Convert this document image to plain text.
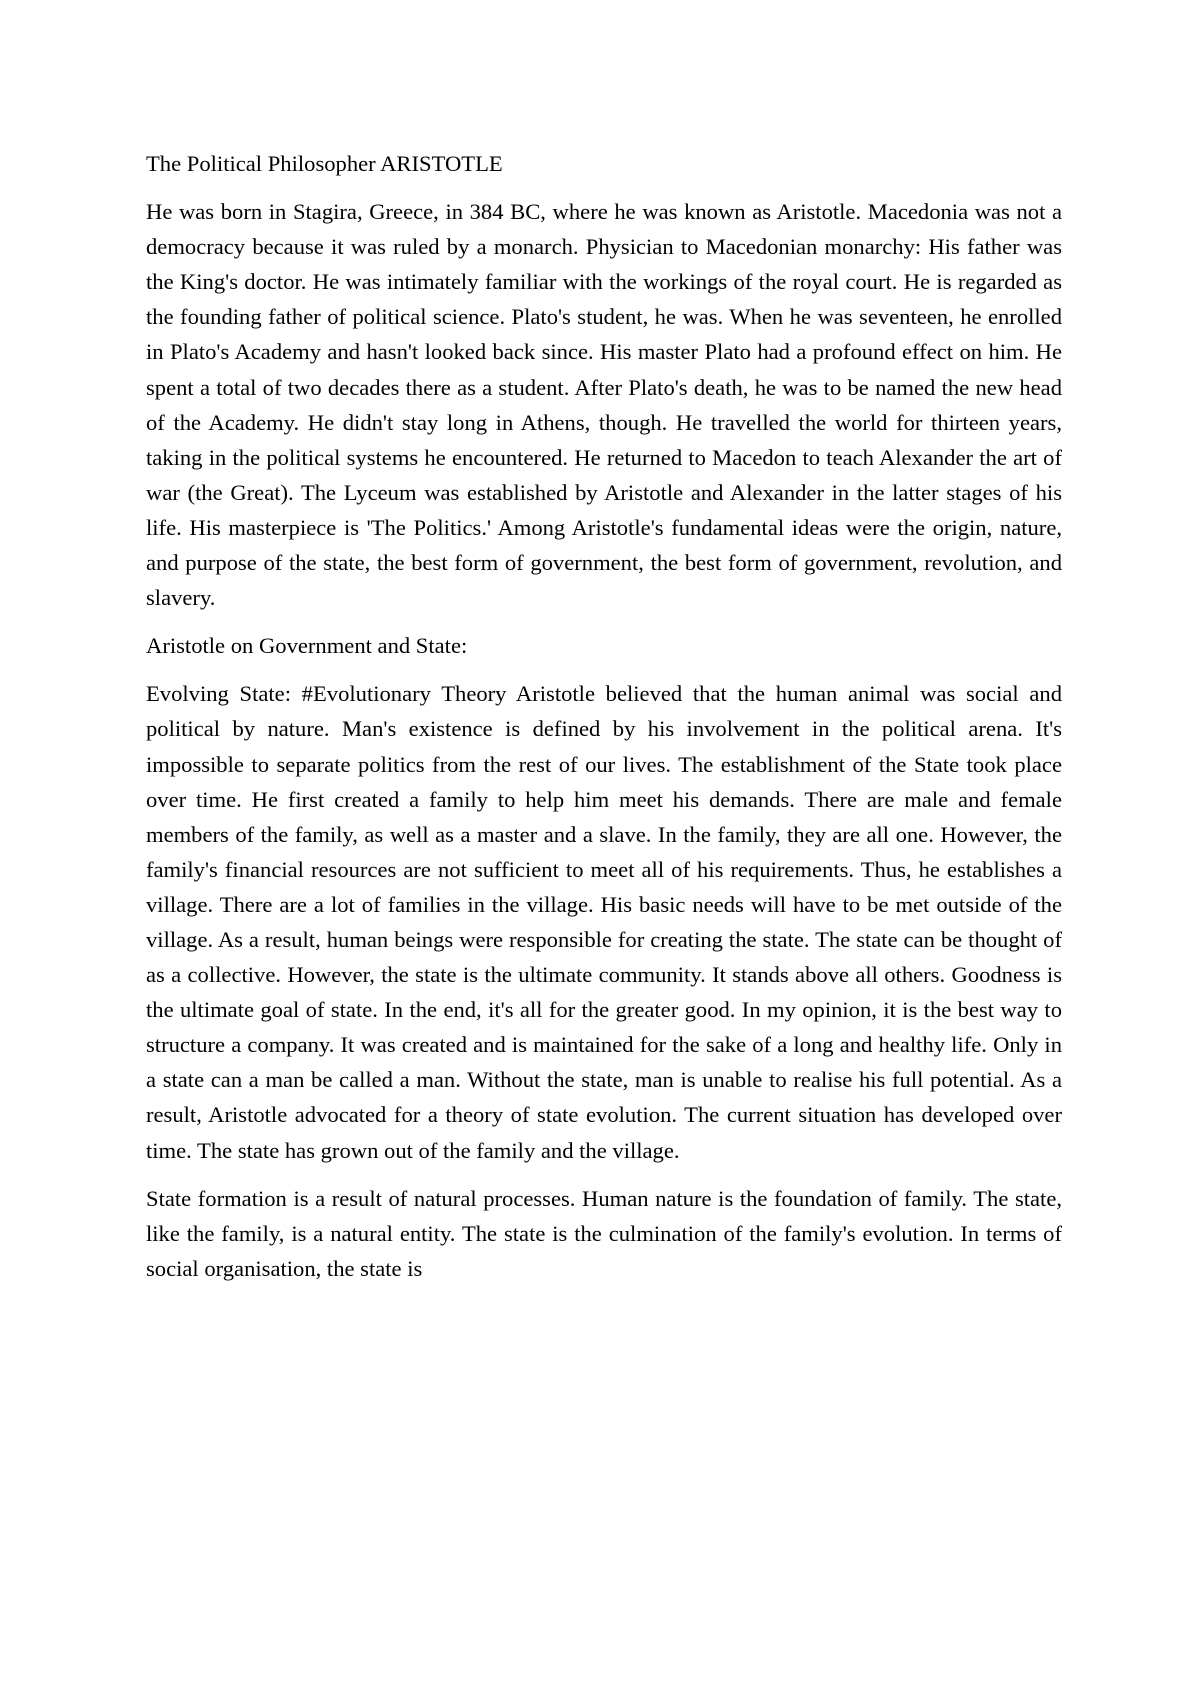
The Political Philosopher ARISTOTLE

He was born in Stagira, Greece, in 384 BC, where he was known as Aristotle. Macedonia was not a democracy because it was ruled by a monarch. Physician to Macedonian monarchy: His father was the King's doctor. He was intimately familiar with the workings of the royal court. He is regarded as the founding father of political science. Plato's student, he was. When he was seventeen, he enrolled in Plato's Academy and hasn't looked back since. His master Plato had a profound effect on him. He spent a total of two decades there as a student. After Plato's death, he was to be named the new head of the Academy. He didn't stay long in Athens, though. He travelled the world for thirteen years, taking in the political systems he encountered. He returned to Macedon to teach Alexander the art of war (the Great). The Lyceum was established by Aristotle and Alexander in the latter stages of his life. His masterpiece is 'The Politics.' Among Aristotle's fundamental ideas were the origin, nature, and purpose of the state, the best form of government, the best form of government, revolution, and slavery.

Aristotle on Government and State:

Evolving State: #Evolutionary Theory Aristotle believed that the human animal was social and political by nature. Man's existence is defined by his involvement in the political arena. It's impossible to separate politics from the rest of our lives. The establishment of the State took place over time. He first created a family to help him meet his demands. There are male and female members of the family, as well as a master and a slave. In the family, they are all one. However, the family's financial resources are not sufficient to meet all of his requirements. Thus, he establishes a village. There are a lot of families in the village. His basic needs will have to be met outside of the village. As a result, human beings were responsible for creating the state. The state can be thought of as a collective. However, the state is the ultimate community. It stands above all others. Goodness is the ultimate goal of state. In the end, it's all for the greater good. In my opinion, it is the best way to structure a company. It was created and is maintained for the sake of a long and healthy life. Only in a state can a man be called a man. Without the state, man is unable to realise his full potential. As a result, Aristotle advocated for a theory of state evolution. The current situation has developed over time. The state has grown out of the family and the village.

State formation is a result of natural processes. Human nature is the foundation of family. The state, like the family, is a natural entity. The state is the culmination of the family's evolution. In terms of social organisation, the state is
